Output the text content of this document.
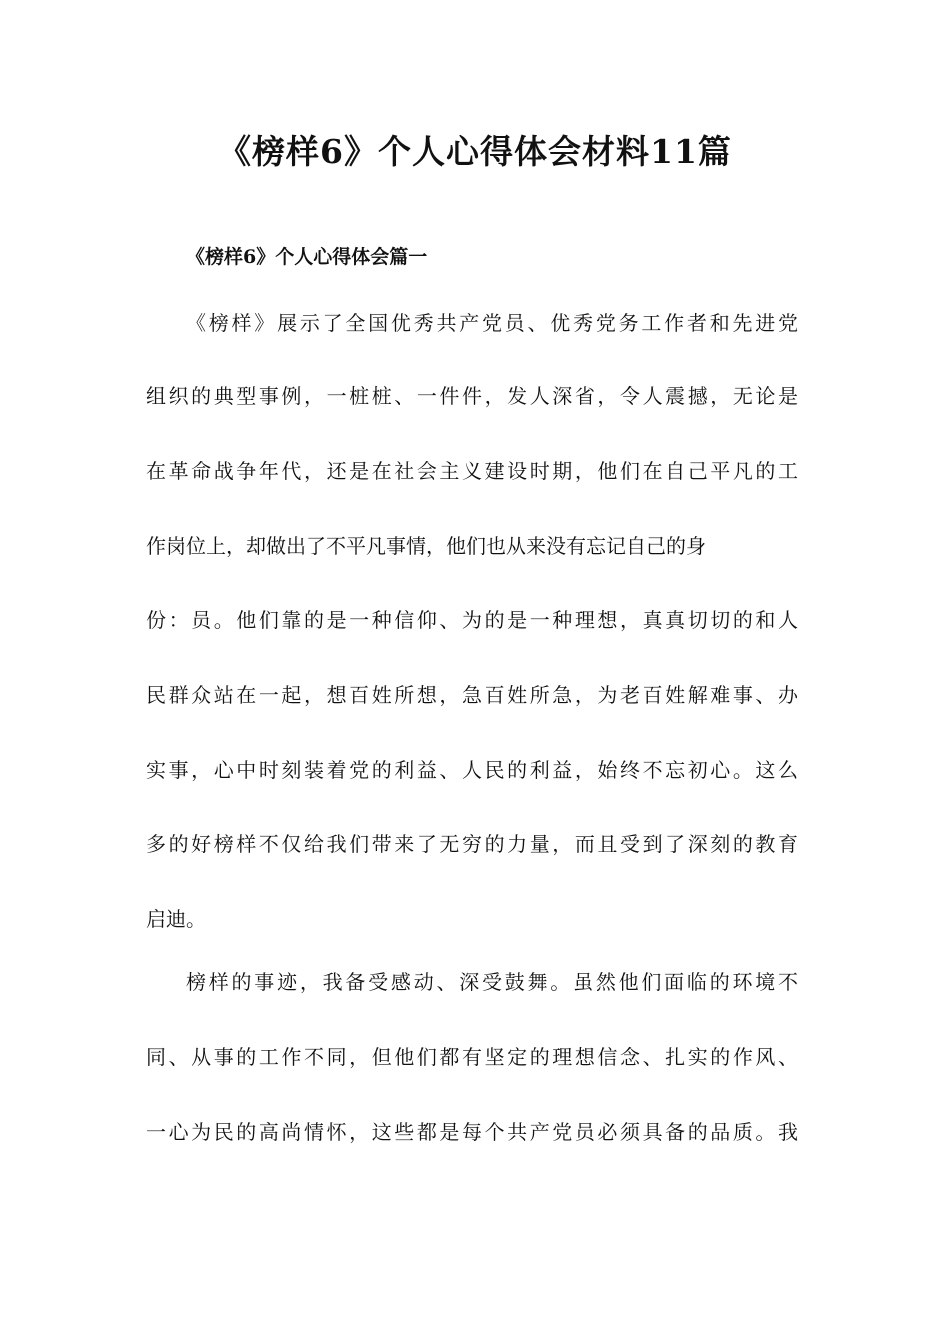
《榜样6》个人心得体会材料11篇
《榜样6》个人心得体会篇一

《榜样》展示了全国优秀共产党员、优秀党务工作者和先进党

组织的典型事例，一桩桩、一件件，发人深省，令人震撼，无论是

在革命战争年代，还是在社会主义建设时期，他们在自己平凡的工

作岗位上，却做出了不平凡事情，他们也从来没有忘记自己的身

份：员。他们靠的是一种信仰、为的是一种理想，真真切切的和人

民群众站在一起，想百姓所想，急百姓所急，为老百姓解难事、办

实事，心中时刻装着党的利益、人民的利益，始终不忘初心。这么

多的好榜样不仅给我们带来了无穷的力量，而且受到了深刻的教育

启迪。

榜样的事迹，我备受感动、深受鼓舞。虽然他们面临的环境不

同、从事的工作不同，但他们都有坚定的理想信念、扎实的作风、

一心为民的高尚情怀，这些都是每个共产党员必须具备的品质。我
